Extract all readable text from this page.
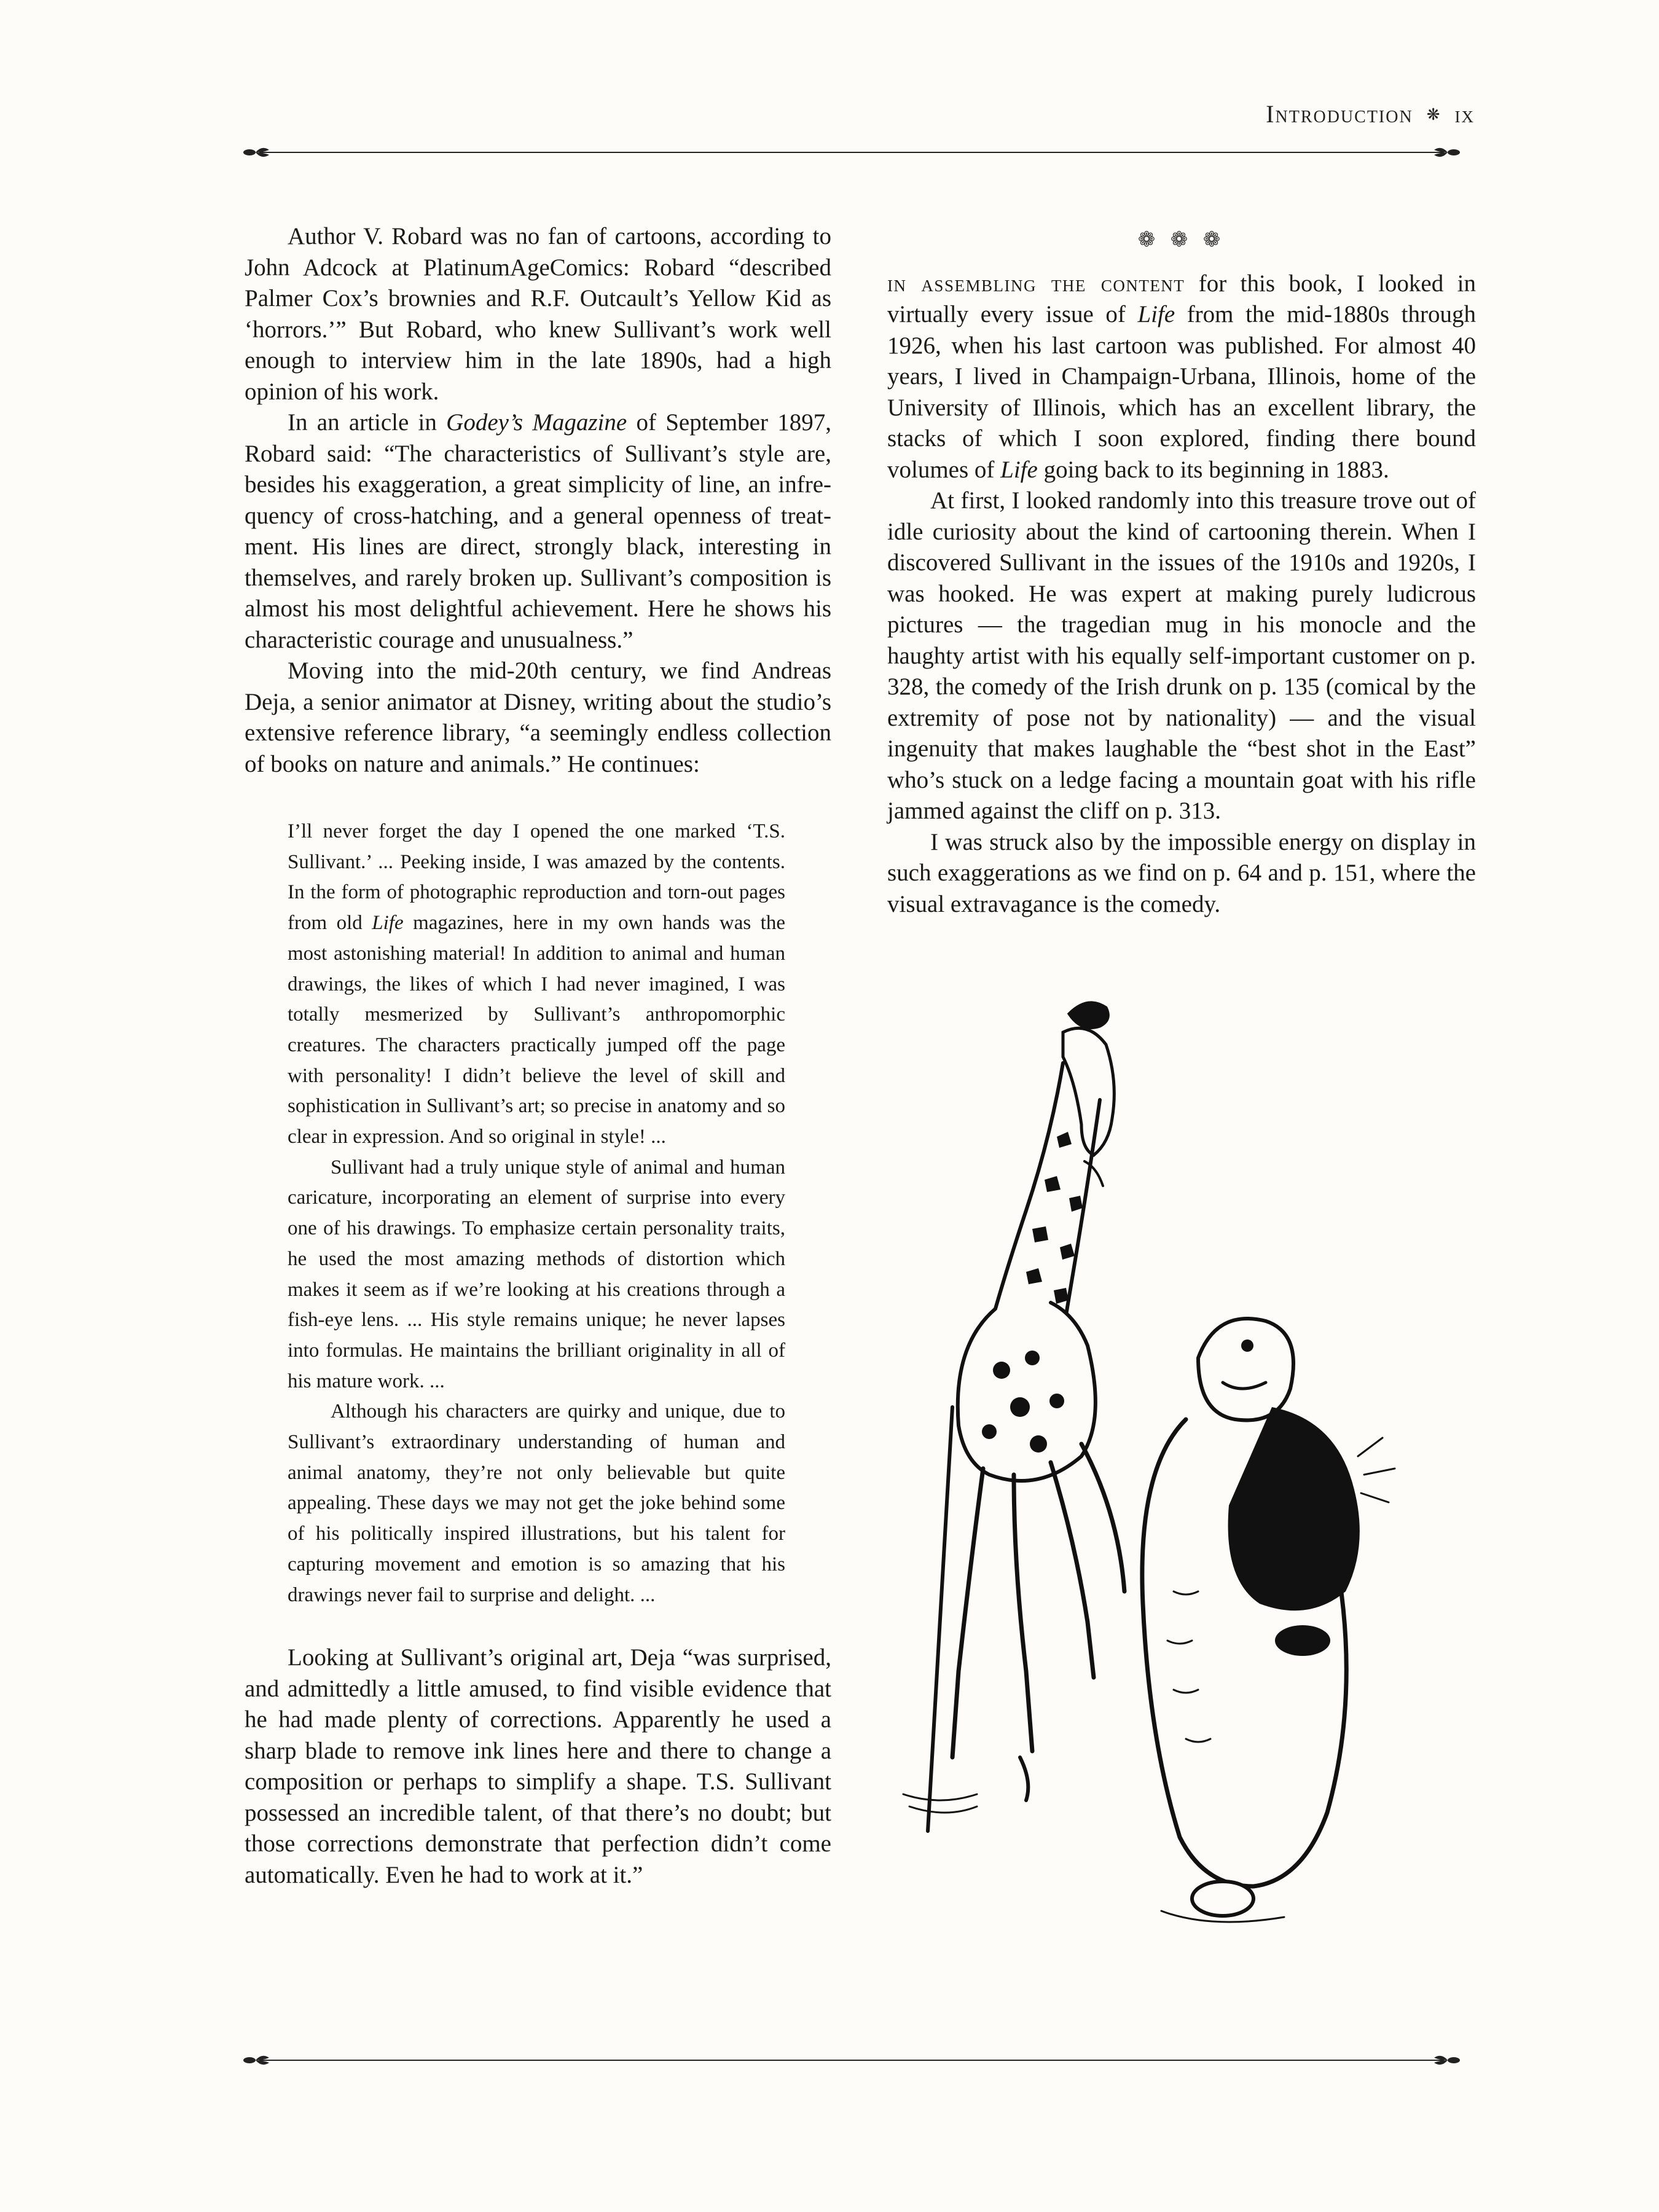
Introduction ❋ ix

Author V. Robard was no fan of cartoons, according to John Adcock at PlatinumAgeComics: Robard “described Palmer Cox’s brownies and R.F. Outcault’s Yellow Kid as ‘horrors.’” But Robard, who knew Sullivant’s work well enough to interview him in the late 1890s, had a high opinion of his work.

In an article in Godey’s Magazine of September 1897, Robard said: “The characteristics of Sullivant’s style are, besides his exaggeration, a great simplicity of line, an infrequency of cross-hatching, and a general openness of treatment. His lines are direct, strongly black, interesting in themselves, and rarely broken up. Sullivant’s composition is almost his most delightful achievement. Here he shows his characteristic courage and unusualness.”

Moving into the mid-20th century, we find Andreas Deja, a senior animator at Disney, writing about the studio’s extensive reference library, “a seemingly endless collection of books on nature and animals.” He continues:

I’ll never forget the day I opened the one marked ‘T.S. Sullivant.’ ... Peeking inside, I was amazed by the contents. In the form of photographic reproduction and torn-out pages from old Life magazines, here in my own hands was the most astonishing material! In addition to animal and human drawings, the likes of which I had never imagined, I was totally mesmerized by Sullivant’s anthropomorphic creatures. The characters practically jumped off the page with personality! I didn’t believe the level of skill and sophistication in Sullivant’s art; so precise in anatomy and so clear in expression. And so original in style! ...

Sullivant had a truly unique style of animal and human caricature, incorporating an element of surprise into every one of his drawings. To emphasize certain personality traits, he used the most amazing methods of distortion which makes it seem as if we’re looking at his creations through a fish-eye lens. ... His style remains unique; he never lapses into formulas. He maintains the brilliant originality in all of his mature work. ...

Although his characters are quirky and unique, due to Sullivant’s extraordinary understanding of human and animal anatomy, they’re not only believable but quite appealing. These days we may not get the joke behind some of his politically inspired illustrations, but his talent for capturing movement and emotion is so amazing that his drawings never fail to surprise and delight. ...

Looking at Sullivant’s original art, Deja “was surprised, and admittedly a little amused, to find visible evidence that he had made plenty of corrections. Apparently he used a sharp blade to remove ink lines here and there to change a composition or perhaps to simplify a shape. T.S. Sullivant possessed an incredible talent, of that there’s no doubt; but those corrections demonstrate that perfection didn’t come automatically. Even he had to work at it.”

❁ ❁ ❁

in assembling the content for this book, I looked in virtually every issue of Life from the mid-1880s through 1926, when his last cartoon was published. For almost 40 years, I lived in Champaign-Urbana, Illinois, home of the University of Illinois, which has an excellent library, the stacks of which I soon explored, finding there bound volumes of Life going back to its beginning in 1883.

At first, I looked randomly into this treasure trove out of idle curiosity about the kind of cartooning therein. When I discovered Sullivant in the issues of the 1910s and 1920s, I was hooked. He was expert at making purely ludicrous pictures — the tragedian mug in his monocle and the haughty artist with his equally self-important customer on p. 328, the comedy of the Irish drunk on p. 135 (comical by the extremity of pose not by nationality) — and the visual ingenuity that makes laughable the “best shot in the East” who’s stuck on a ledge facing a mountain goat with his rifle jammed against the cliff on p. 313.

I was struck also by the impossible energy on display in such exaggerations as we find on p. 64 and p. 151, where the visual extravagance is the comedy.
